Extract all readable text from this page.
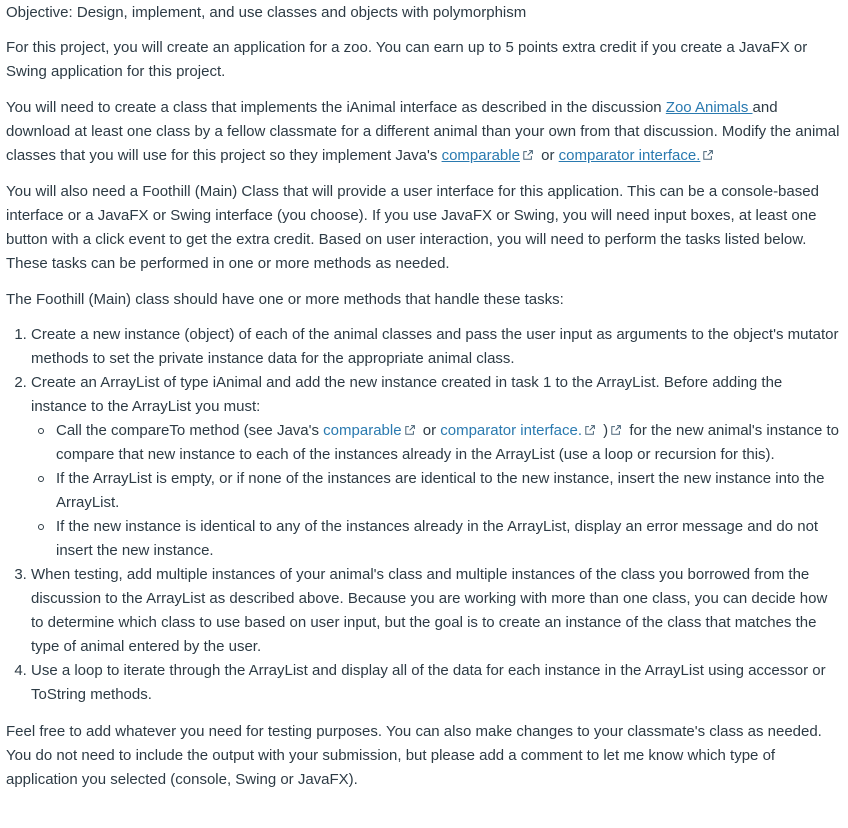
Objective: Design, implement, and use classes and objects with polymorphism

For this project, you will create an application for a zoo. You can earn up to 5 points extra credit if you create a JavaFX or Swing application for this project.

You will need to create a class that implements the iAnimal interface as described in the discussion Zoo Animals and download at least one class by a fellow classmate for a different animal than your own from that discussion. Modify the animal classes that you will use for this project so they implement Java's comparable
or comparator interface.

You will also need a Foothill (Main) Class that will provide a user interface for this application. This can be a console-based interface or a JavaFX or Swing interface (you choose). If you use JavaFX or Swing, you will need input boxes, at least one button with a click event to get the extra credit. Based on user interaction, you will need to perform the tasks listed below. These tasks can be performed in one or more methods as needed.

The Foothill (Main) class should have one or more methods that handle these tasks:

1. Create a new instance (object) of each of the animal classes and pass the user input as arguments to the object's mutator methods to set the private instance data for the appropriate animal class.
2. Create an ArrayList of type iAnimal and add the new instance created in task 1 to the ArrayList. Before adding the instance to the ArrayList you must:
Call the compareTo method (see Java's comparable
or comparator interface.
)
for the new animal's instance to compare that new instance to each of the instances already in the ArrayList (use a loop or recursion for this).
If the ArrayList is empty, or if none of the instances are identical to the new instance, insert the new instance into the ArrayList.
If the new instance is identical to any of the instances already in the ArrayList, display an error message and do not insert the new instance.
3. When testing, add multiple instances of your animal's class and multiple instances of the class you borrowed from the discussion to the ArrayList as described above. Because you are working with more than one class, you can decide how to determine which class to use based on user input, but the goal is to create an instance of the class that matches the type of animal entered by the user.
4. Use a loop to iterate through the ArrayList and display all of the data for each instance in the ArrayList using accessor or ToString methods.

Feel free to add whatever you need for testing purposes. You can also make changes to your classmate's class as needed. You do not need to include the output with your submission, but please add a comment to let me know which type of application you selected (console, Swing or JavaFX).
